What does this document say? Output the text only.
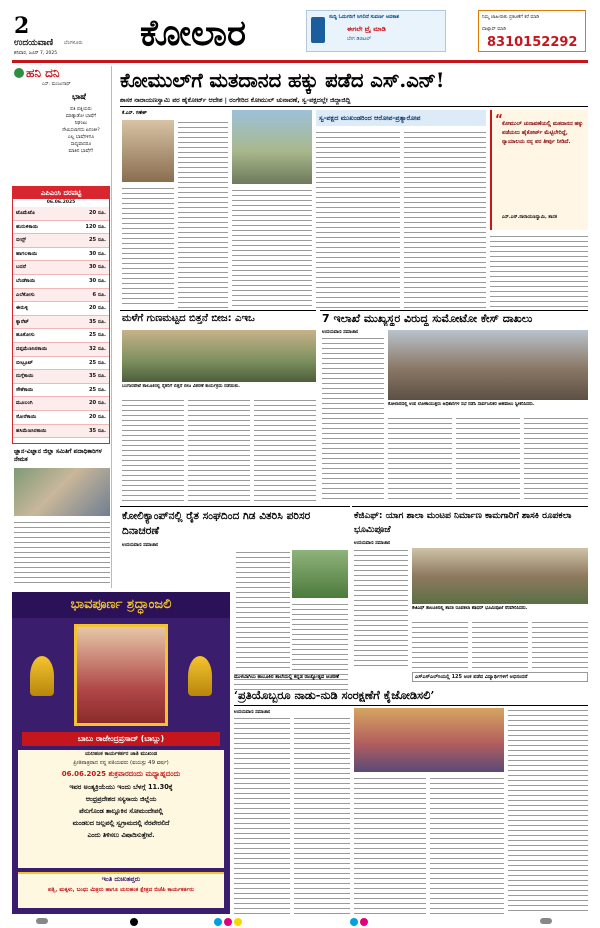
2
ಉದಯವಾಣಿ ಬೆಂಗಳೂರು
ಶನಿವಾರ, ಜೂನ್ 7, 2025 ಕೋಲಾರ	ಸುದ್ದಿ ಓದುಗರಿಗೆ ಸಿಗಲಿದೆ ಸುವರ್ಣ ಅವಕಾಶ
ಈಗಲೇ ಟ್ರೈ ಮಾಡಿ
ಬೇಗ ಡಿಜಿಟಲ್
ನಿಮ್ಮ ಜಾಹೀರಾತು ಪ್ರಕಟಣೆಗೆ ಕರೆ ಮಾಡಿ
ವಾಟ್ಸಾಪ್ ಮಾಡಿ
8310152292
ಹನಿ ದನಿ
ಎಸ್. ಮಂಜುನಾಥ್
ಭಾಷೆ
ಪತಿ ಪತ್ನಿಯರು
ಮಾತ್ನಾಡೋ ಭಾಷೆಗೆ
ನಿಘಂಟು
ನೇಮಿಸಲಾಗದು ಏನಂತೀ?
ಎಲ್ಲ ಭಾಷೆಗಳಿಗೂ
ಸಾಧ್ಯವಾದರೂ
ಮಾತಿನ ಭಾಷೆಗೆ!
ಎಪಿಎಂಸಿ ದರಪಟ್ಟಿ
06.06.2025
ಟೊಮೆಟೊ	20 ರೂ.
ಹುರುಳಿಕಾಯಿ	120 ರೂ.
ಬೀನ್ಸ್	25 ರೂ.
ಹಾಗಲಕಾಯಿ	30 ರೂ.
ಬದನೆ	30 ರೂ.
ಬೆಂಡೆಕಾಯಿ	30 ರೂ.
ಎಲೆಕೋಸು	6 ರೂ.
ಈರುಳ್ಳಿ	20 ರೂ.
ಕ್ಯಾರೆಟ್	35 ರೂ.
ಹೂಕೋಸು	25 ರೂ.
ದಪ್ಪಮೆಣಸಿನಕಾಯಿ	32 ರೂ.
ಬೀಟ್ರೂಟ್	25 ರೂ.
ನುಗ್ಗೆಕಾಯಿ	35 ರೂ.
ಸೌತೆಕಾಯಿ	25 ರೂ.
ಮೂಲಂಗಿ	20 ರೂ.
ಸೋರೆಕಾಯಿ	20 ರೂ.
ಹಸಿಮೆಣಸಿನಕಾಯಿ	35 ರೂ.
ಜ್ಞಾನ-ವಿಜ್ಞಾನ ಜಿಲ್ಲಾ ಸಮಿತಿಗೆ ಪದಾಧಿಕಾರಿಗಳ ನೇಮಕ
ಕೋಮುಲ್‌ಗೆ ಮತದಾನದ ಹಕ್ಕು ಪಡೆದ ಎಸ್.ಎನ್!
ಶಾಸಕ ನಾರಾಯಣಸ್ವಾಮಿ ಪರ ಹೈಕೋರ್ಟ್ ಆದೇಶ | ರಂಗೇರಿದ ಕೋಮುಲ್ ಚುನಾವಣೆ, ಸ್ವ-ಪಕ್ಷದಲ್ಲೇ ಜಿದ್ದಾಜಿದ್ದಿ
ಕೆ.ಎಸ್. ಗಣೇಶ್
ಸ್ವ-ಪಕ್ಷದ ಮುಖಂಡರಿಂದ ಆರೋಪ-ಪ್ರತ್ಯಾರೋಪ	“ ಕೋಮುಲ್ ಚುನಾವಣೆಯಲ್ಲಿ ಮತದಾನದ ಹಕ್ಕು ಪಡೆಯಲು ಹೈಕೋರ್ಟ್ ಮೆಟ್ಟಿಲೇರಿದ್ದೆ, ನ್ಯಾಯಾಲಯ ನನ್ನ ಪರ ತೀರ್ಪು ನೀಡಿದೆ.
ಎಸ್.ಎನ್.ನಾರಾಯಣಸ್ವಾಮಿ, ಶಾಸಕ
ಮಳೆಗೆ ಗುಣಮಟ್ಟದ ಬಿತ್ತನೆ ಬೀಜ: ಎಇಒ
ಬಂಗಾರಪೇಟೆ ತಾಲೂಕಿನಲ್ಲಿ ರೈತರಿಗೆ ಬಿತ್ತನೆ ಬೀಜ ವಿತರಣೆ ಕಾರ್ಯಕ್ರಮ ನಡೆಯಿತು.
7 ಇಲಾಖೆ ಮುಖ್ಯಸ್ಥರ ವಿರುದ್ಧ ಸುಮೋಟೋ ಕೇಸ್ ದಾಖಲು
ಉದಯವಾಣಿ ಸಮಾಚಾರ
ಕೋಲಾರದಲ್ಲಿ ಉಪ ಲೋಕಾಯುಕ್ತರು ಅಧಿಕಾರಿಗಳ ಸಭೆ ನಡೆಸಿ ಸಾರ್ವಜನಿಕರ ಅಹವಾಲು ಸ್ವೀಕರಿಸಿದರು.
ಕೋಲಿಕ್ಯಾಂಪ್‌ನಲ್ಲಿ ರೈತ ಸಂಘದಿಂದ ಗಿಡ ವಿತರಿಸಿ ಪರಿಸರ ದಿನಾಚರಣೆ
ಉದಯವಾಣಿ ಸಮಾಚಾರ
ಕೆಜಿಎಫ್: ಯಾಗ ಶಾಲಾ ಮಂಟಪ ನಿರ್ಮಾಣ ಕಾಮಗಾರಿಗೆ ಶಾಸಕಿ ರೂಪಕಲಾ ಭೂಮಿಪೂಜೆ
ಉದಯವಾಣಿ ಸಮಾಚಾರ
ಕೆಜಿಎಫ್ ತಾಲೂಕಿನಲ್ಲಿ ಶಾಸಕಿ ರೂಪಕಲಾ ಶಶಿಧರ್ ಭೂಮಿಪೂಜೆ ನೆರವೇರಿಸಿದರು.
ಭಾವಪೂರ್ಣ ಶ್ರದ್ಧಾಂಜಲಿ
ಬಾಬು ರಾಜೇಂದ್ರಪ್ರಸಾದ್ (ಬಾಬ್ಲು)
ಯಲಹಂಕ ಕಾರ್ಯಕರ್ತರ ಜಾತಿ ಮುಖಂಡ
ಪ್ರೀತಿಪಾತ್ರರಾದ ನನ್ನ ಪತಿಯವರು (ವಯಸ್ಸು 49 ವರ್ಷ)
06.06.2025 ಶುಕ್ರವಾರದಂದು ಮಧ್ಯಾಹ್ನದಂದು
ಇವರ ಅಂತ್ಯಕ್ರಿಯೆಯು ಇಂದು ಬೆಳಗ್ಗೆ 11.30ಕ್ಕೆ
ಆಂಧ್ರಪ್ರದೇಶದ ಸಸ್ಯಸಾಯ ಜಿಲ್ಲೆಯ
ಪೆನುಗೊಂಡ ತಾಲ್ಲೂಕಿನ ಸೋಮಂದೇಪಲ್ಲಿ
ಮಂಡಲದ ಜಲ್ಲಪಲ್ಲಿ ಸ್ವಗ್ರಾಮದಲ್ಲಿ ನೆರವೇರಲಿದೆ
ಎಂದು ತಿಳಿಸಲು ವಿಷಾದಿಸುತ್ತೇವೆ.
ಇಂತಿ ದುಃಖತಪ್ತರು
ಪತ್ನಿ, ಮಕ್ಕಳು, ಬಂಧು ಮಿತ್ರರು ಹಾಗೂ ಯಲಹಂಕ ಕ್ಷೇತ್ರದ ಬಿಜೆಪಿ ಕಾರ್ಯಕರ್ತರು
ಮುಳಬಾಗಿಲು ತಾಲೂಕಿನ ಶಾಲೆಯಲ್ಲಿ ಕನ್ನಡ ರಾಜ್ಯೋತ್ಸವ ಆಚರಣೆ	ಎಸ್ಎಸ್ಎಲ್‌ಸಿಯಲ್ಲಿ 125 ಅಂಕ ಪಡೆದ ವಿದ್ಯಾರ್ಥಿಗಳಿಗೆ ಅಭಿನಂದನೆ
‘ಪ್ರತಿಯೊಬ್ಬರೂ ನಾಡು-ನುಡಿ ಸಂರಕ್ಷಣೆಗೆ ಕೈಜೋಡಿಸಲಿ’
ಉದಯವಾಣಿ ಸಮಾಚಾರ
